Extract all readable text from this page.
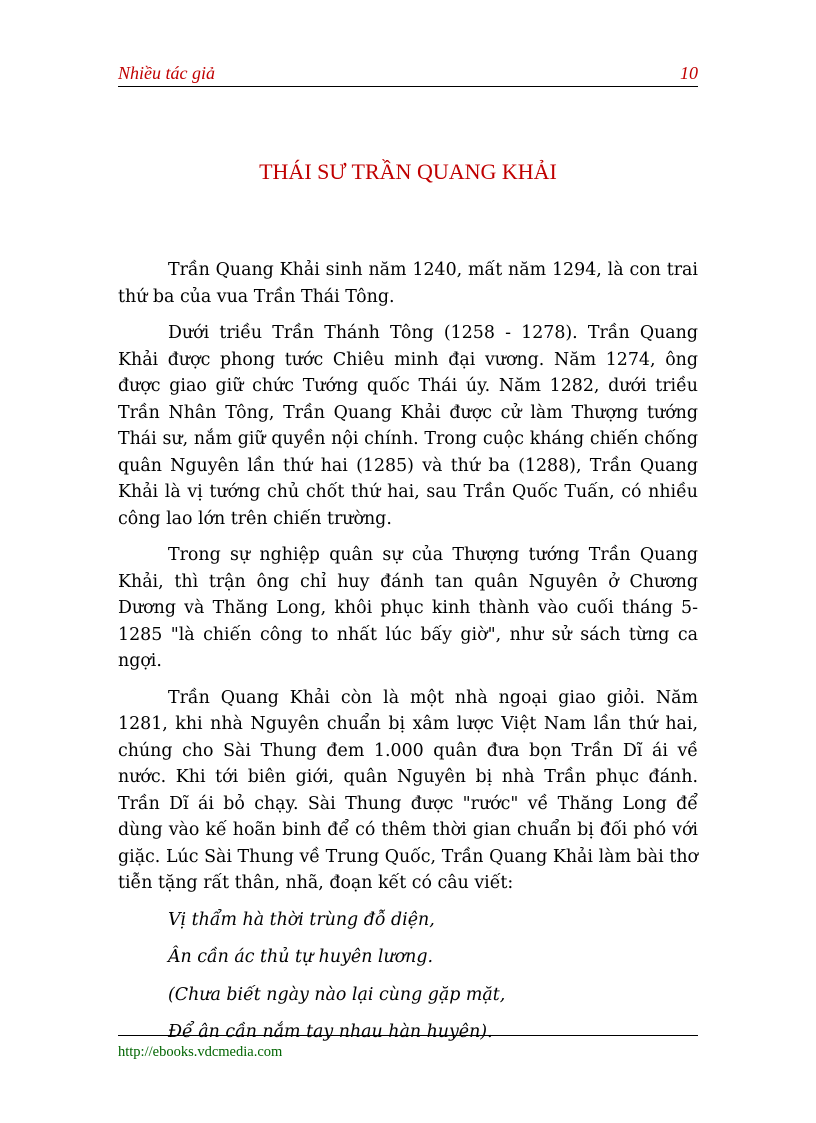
Nhiều tác giả	10
THÁI SƯ TRẦN QUANG KHẢI

Trần Quang Khải sinh năm 1240, mất năm 1294, là con trai thứ ba của vua Trần Thái Tông.

Dưới triều Trần Thánh Tông (1258 - 1278). Trần Quang Khải được phong tước Chiêu minh đại vương. Năm 1274, ông được giao giữ chức Tướng quốc Thái úy. Năm 1282, dưới triều Trần Nhân Tông, Trần Quang Khải được cử làm Thượng tướng Thái sư, nắm giữ quyền nội chính. Trong cuộc kháng chiến chống quân Nguyên lần thứ hai (1285) và thứ ba (1288), Trần Quang Khải là vị tướng chủ chốt thứ hai, sau Trần Quốc Tuấn, có nhiều công lao lớn trên chiến trường.

Trong sự nghiệp quân sự của Thượng tướng Trần Quang Khải, thì trận ông chỉ huy đánh tan quân Nguyên ở Chương Dương và Thăng Long, khôi phục kinh thành vào cuối tháng 5-1285 "là chiến công to nhất lúc bấy giờ", như sử sách từng ca ngợi.

Trần Quang Khải còn là một nhà ngoại giao giỏi. Năm 1281, khi nhà Nguyên chuẩn bị xâm lược Việt Nam lần thứ hai, chúng cho Sài Thung đem 1.000 quân đưa bọn Trần Dĩ ái về nước. Khi tới biên giới, quân Nguyên bị nhà Trần phục đánh. Trần Dĩ ái bỏ chạy. Sài Thung được "rước" về Thăng Long để dùng vào kế hoãn binh để có thêm thời gian chuẩn bị đối phó với giặc. Lúc Sài Thung về Trung Quốc, Trần Quang Khải làm bài thơ tiễn tặng rất thân, nhã, đoạn kết có câu viết:

Vị thẩm hà thời trùng đỗ diện,
Ân cần ác thủ tự huyên lương.
(Chưa biết ngày nào lại cùng gặp mặt,
Để ân cần nắm tay nhau hàn huyên).
http://ebooks.vdcmedia.com
